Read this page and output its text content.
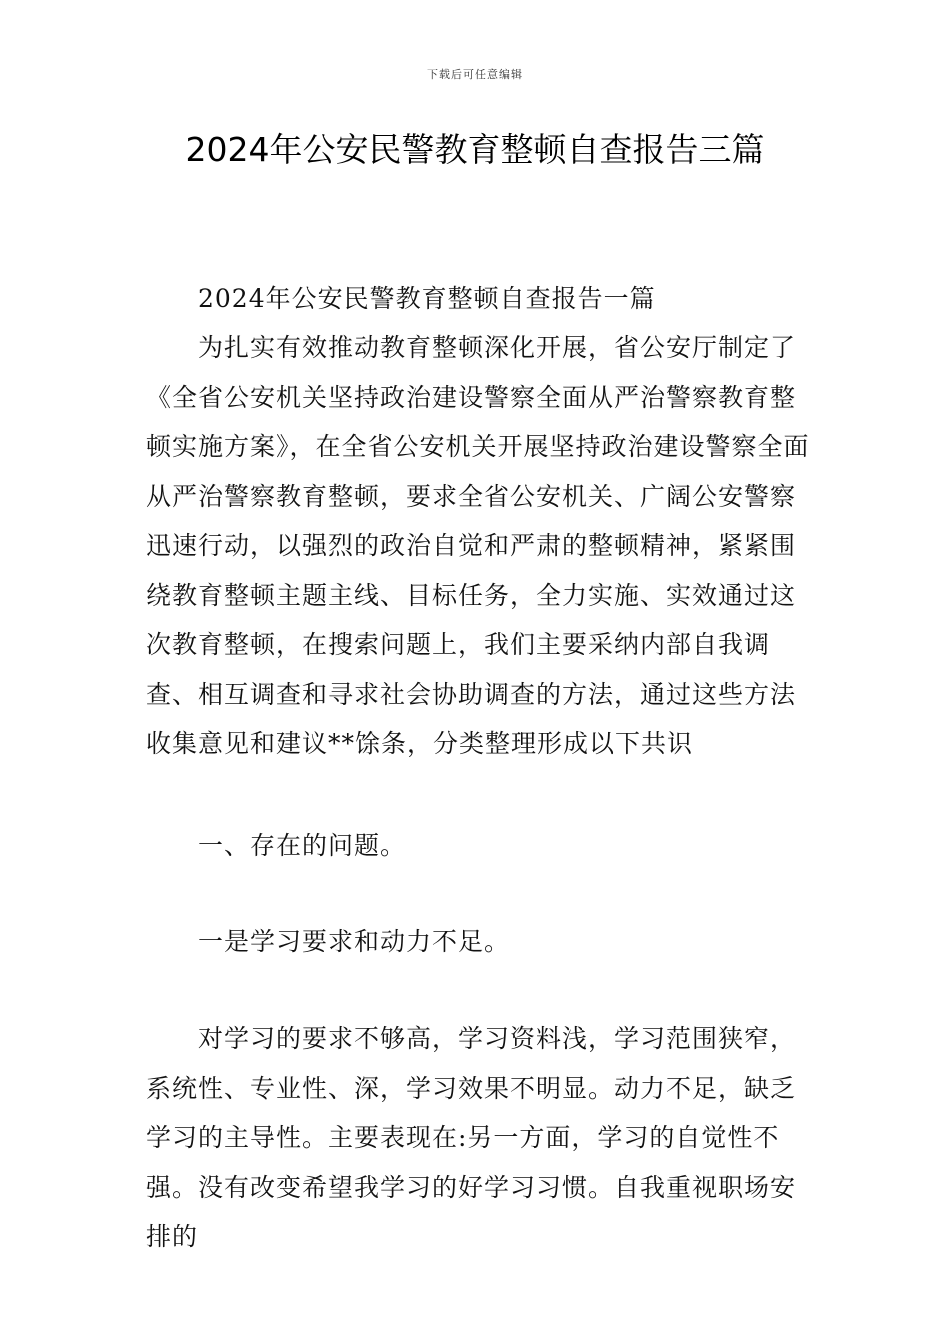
下载后可任意编辑
2024年公安民警教育整顿自查报告三篇

2024年公安民警教育整顿自查报告一篇

为扎实有效推动教育整顿深化开展，省公安厅制定了《全省公安机关坚持政治建设警察全面从严治警察教育整顿实施方案》，在全省公安机关开展坚持政治建设警察全面从严治警察教育整顿，要求全省公安机关、广阔公安警察迅速行动，以强烈的政治自觉和严肃的整顿精神，紧紧围绕教育整顿主题主线、目标任务，全力实施、实效通过这次教育整顿，在搜索问题上，我们主要采纳内部自我调查、相互调查和寻求社会协助调查的方法，通过这些方法收集意见和建议**馀条，分类整理形成以下共识

一、存在的问题。

一是学习要求和动力不足。

对学习的要求不够高，学习资料浅，学习范围狭窄，系统性、专业性、深，学习效果不明显。动力不足，缺乏学习的主导性。主要表现在:另一方面，学习的自觉性不强。没有改变希望我学习的好学习习惯。自我重视职场安排的
